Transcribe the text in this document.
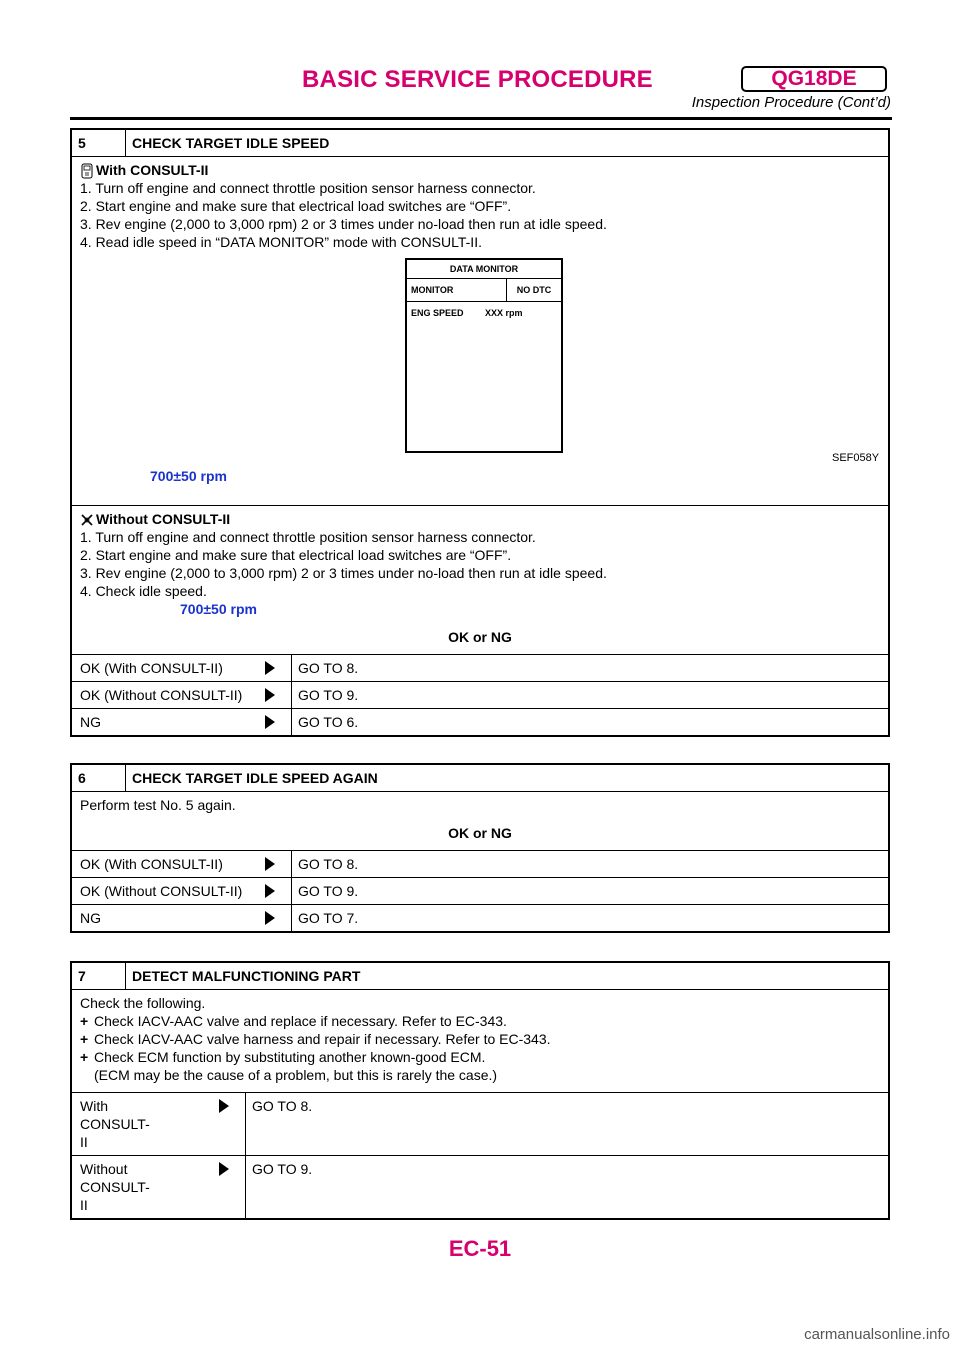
BASIC SERVICE PROCEDURE	QG18DE
Inspection Procedure (Cont’d)
5	CHECK TARGET IDLE SPEED
With CONSULT-II
1. Turn off engine and connect throttle position sensor harness connector.
2. Start engine and make sure that electrical load switches are “OFF”.
3. Rev engine (2,000 to 3,000 rpm) 2 or 3 times under no-load then run at idle speed.
4. Read idle speed in “DATA MONITOR” mode with CONSULT-II.
700±50 rpm
Without CONSULT-II
1. Turn off engine and connect throttle position sensor harness connector.
2. Start engine and make sure that electrical load switches are “OFF”.
3. Rev engine (2,000 to 3,000 rpm) 2 or 3 times under no-load then run at idle speed.
4. Check idle speed.
700±50 rpm
OK or NG
OK (With CONSULT-II)	GO TO 8.
OK (Without CONSULT-II)	GO TO 9.
NG	GO TO 6.
DATA MONITOR
MONITOR	NO DTC
ENG SPEED	XXX rpm
SEF058Y
6	CHECK TARGET IDLE SPEED AGAIN
Perform test No. 5 again.
OK or NG
OK (With CONSULT-II)	GO TO 8.
OK (Without CONSULT-II)	GO TO 9.
NG	GO TO 7.
7	DETECT MALFUNCTIONING PART
Check the following.
+ Check IACV-AAC valve and replace if necessary. Refer to EC-343.
+ Check IACV-AAC valve harness and repair if necessary. Refer to EC-343.
+ Check ECM function by substituting another known-good ECM.
(ECM may be the cause of a problem, but this is rarely the case.)
With CONSULT-II
GO TO 8.
Without CONSULT-II
GO TO 9.
EC-51
carmanualsonline.info
